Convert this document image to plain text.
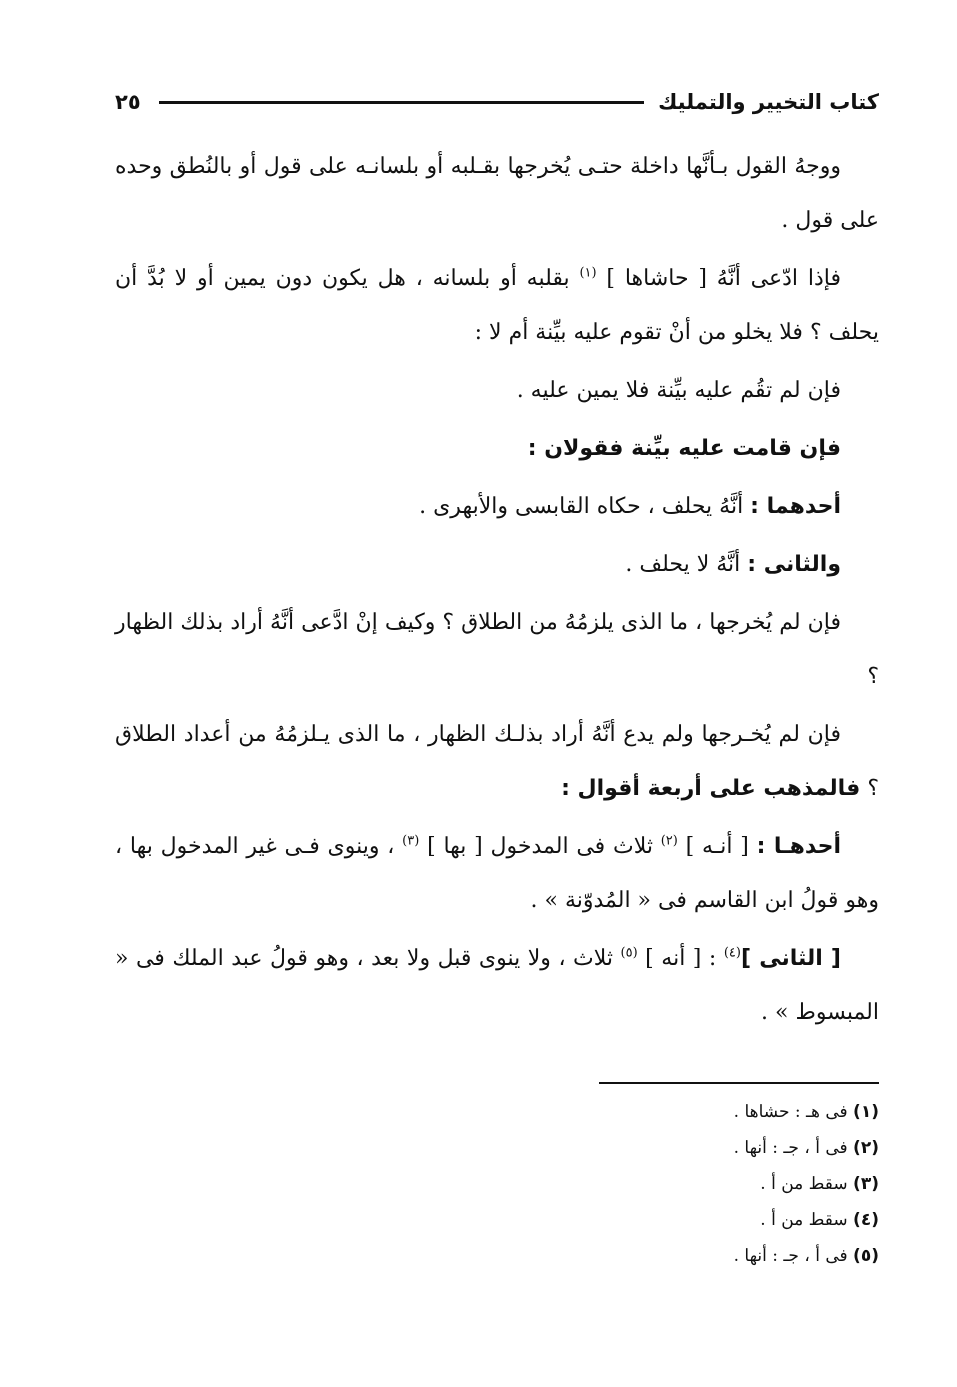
كتاب التخيير والتمليك
٢٥

ووجهُ القول بـأنَّها داخلة حتـى يُخرجها بقـلبه أو بلسانـه على قول أو بالنُطق وحده على قول .

فإذا ادّعى أنَّهُ [ حاشاها ] $^{(١)}$ بقلبه أو بلسانه ، هل يكون دون يمين أو لا بُدَّ أن يحلف ؟ فلا يخلو من أنْ تقوم عليه بيِّنة أم لا :

فإن لم تقُم عليه بيِّنة فلا يمين عليه .

فإن قامت عليه بيِّنة فقولان :

أحدهما : أنَّهُ يحلف ، حكاه القابسى والأبهرى .

والثانى : أنَّهُ لا يحلف .

فإن لم يُخرجها ، ما الذى يلزمُهُ من الطلاق ؟ وكيف إنْ ادَّعى أنَّهُ أراد بذلك الظهار ؟

فإن لم يُخـرجها ولم يدع أنَّهُ أراد بذلـك الظهار ، ما الذى يـلزمُهُ من أعداد الطلاق ؟ فالمذهب على أربعة أقوال :

أحدهـا : [ أنـه ] $^{(٢)}$ ثلاث فى المدخول [ بها ] $^{(٣)}$ ، وينوى فـى غير المدخول بها ، وهو قولُ ابن القاسم فى « المُدوّنة » .

[ الثانى ]$^{(٤)}$ : [ أنه ] $^{(٥)}$ ثلاث ، ولا ينوى قبل ولا بعد ، وهو قولُ عبد الملك فى « المبسوط » .

(١) فى هـ : حشاها .
(٢) فى أ ، جـ : أنها .
(٣) سقط من أ .
(٤) سقط من أ .
(٥) فى أ ، جـ : أنها .
